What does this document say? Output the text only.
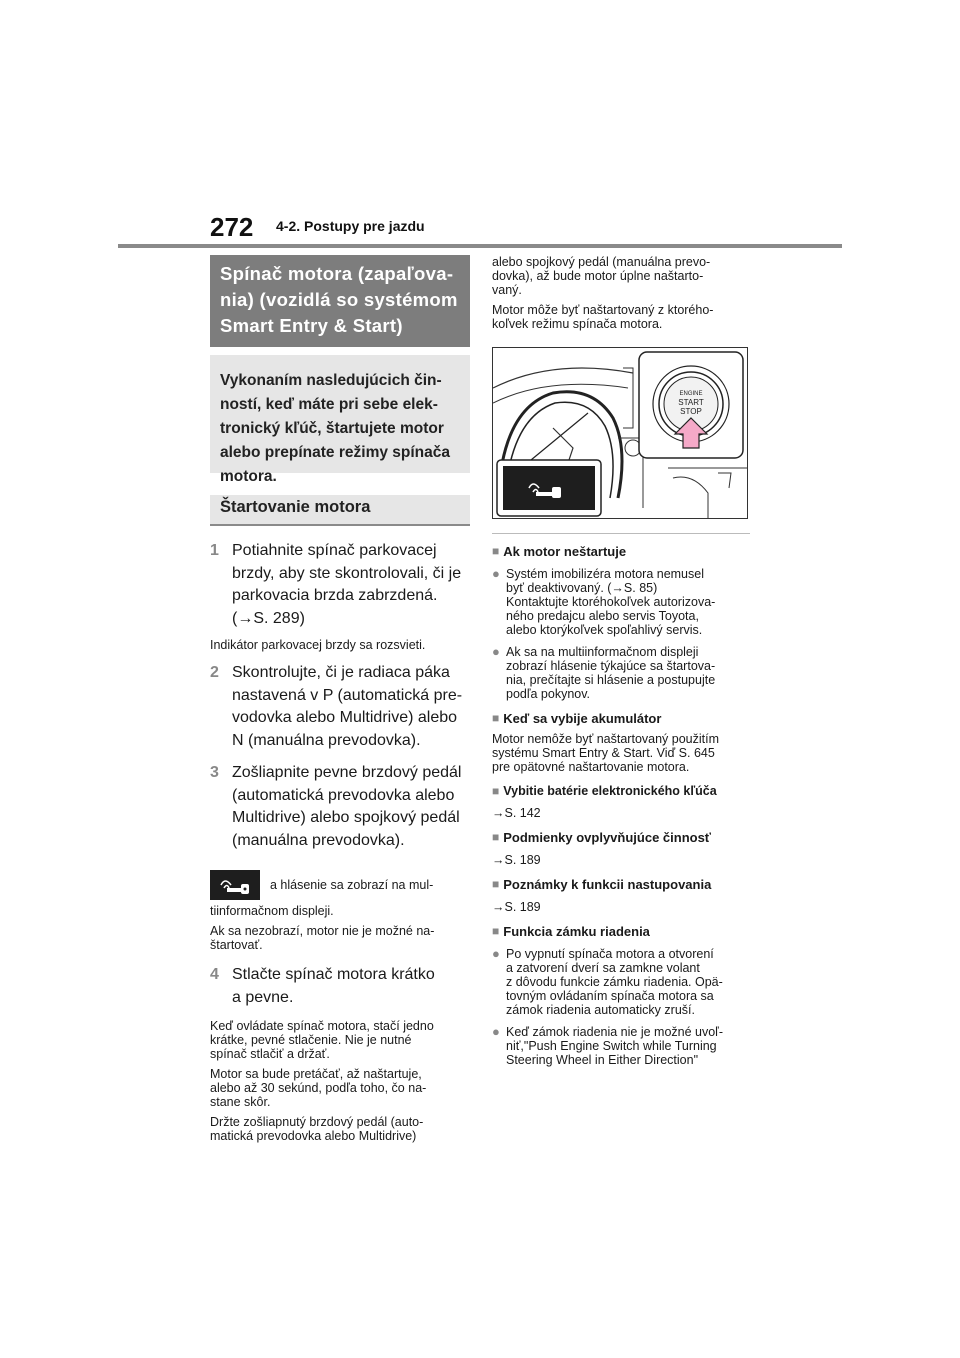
272 4-2. Postupy pre jazdu
Spínač motora (zapaľova-
nia) (vozidlá so systémom
Smart Entry & Start)
Vykonaním nasledujúcich čin-
ností, keď máte pri sebe elek-
tronický kľúč, štartujete motor
alebo prepínate režimy spínača
motora.
Štartovanie motora
1 Potiahnite spínač parkovacej
brzdy, aby ste skontrolovali, či je
parkovacia brzda zabrzdená.
(→S. 289)
Indikátor parkovacej brzdy sa rozsvieti.
2 Skontrolujte, či je radiaca páka
nastavená v P (automatická pre-
vodovka alebo Multidrive) alebo
N (manuálna prevodovka).
3 Zošliapnite pevne brzdový pedál
(automatická prevodovka alebo
Multidrive) alebo spojkový pedál
(manuálna prevodovka).
a hlásenie sa zobrazí na mul-
tiinformačnom displeji.
Ak sa nezobrazí, motor nie je možné na-
štartovať.
4 Stlačte spínač motora krátko
a pevne.
Keď ovládate spínač motora, stačí jedno
krátke, pevné stlačenie. Nie je nutné
spínač stlačiť a držať.
Motor sa bude pretáčať, až naštartuje,
alebo až 30 sekúnd, podľa toho, čo na-
stane skôr.
Držte zošliapnutý brzdový pedál (auto-
matická prevodovka alebo Multidrive)
alebo spojkový pedál (manuálna prevo-
dovka), až bude motor úplne naštarto-
vaný.
Motor môže byť naštartovaný z ktorého-
koľvek režimu spínača motora.
ENGINE
START
STOP
■ Ak motor neštartuje
● Systém imobilizéra motora nemusel
byť deaktivovaný. (→S. 85)
Kontaktujte ktoréhokoľvek autorizova-
ného predajcu alebo servis Toyota,
alebo ktorýkoľvek spoľahlivý servis.
● Ak sa na multiinformačnom displeji
zobrazí hlásenie týkajúce sa štartova-
nia, prečítajte si hlásenie a postupujte
podľa pokynov.
■ Keď sa vybije akumulátor
Motor nemôže byť naštartovaný použitím
systému Smart Entry & Start. Viď S. 645
pre opätovné naštartovanie motora.
■ Vybitie batérie elektronického kľúča
→S. 142
■ Podmienky ovplyvňujúce činnosť
→S. 189
■ Poznámky k funkcii nastupovania
→S. 189
■ Funkcia zámku riadenia
● Po vypnutí spínača motora a otvorení
a zatvorení dverí sa zamkne volant
z dôvodu funkcie zámku riadenia. Opä-
tovným ovládaním spínača motora sa
zámok riadenia automaticky zruší.
● Keď zámok riadenia nie je možné uvoľ-
niť,"Push Engine Switch while Turning
Steering Wheel in Either Direction"
